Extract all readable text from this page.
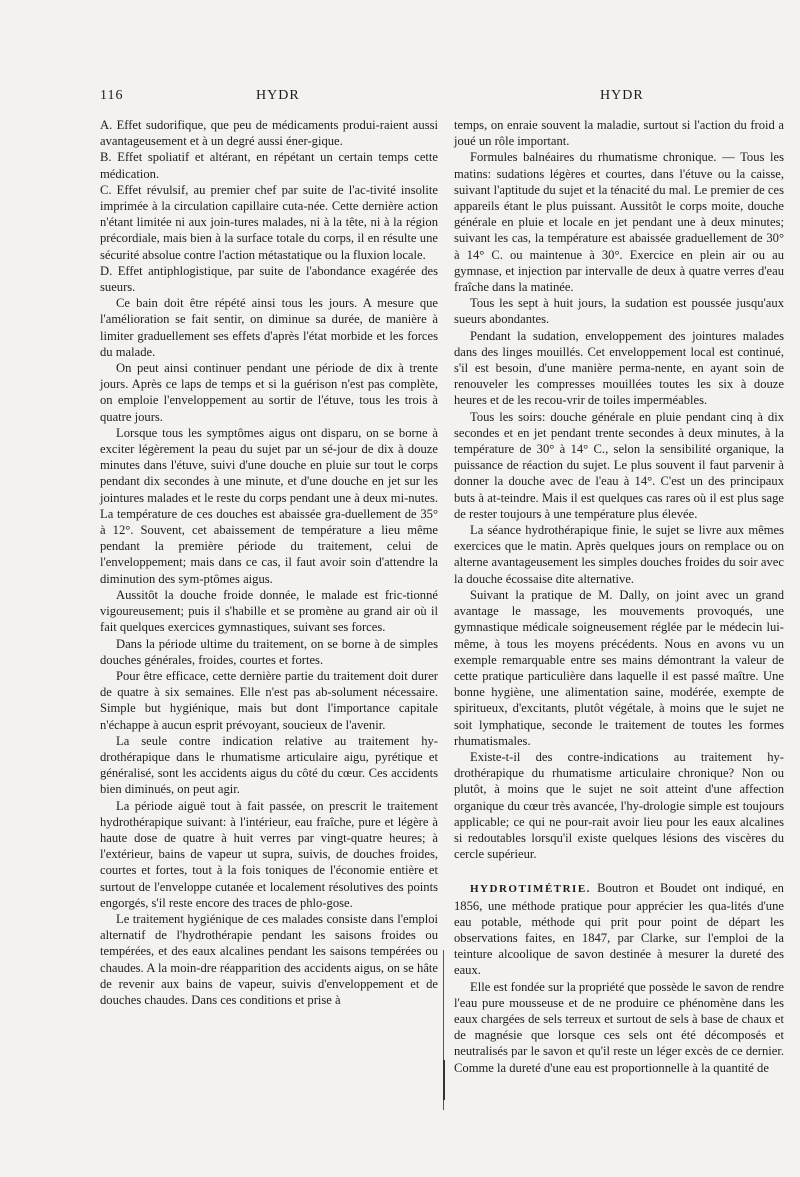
116	HYDR	HYDR

A. Effet sudorifique, que peu de médicaments produi-raient aussi avantageusement et à un degré aussi éner-gique.

B. Effet spoliatif et altérant, en répétant un certain temps cette médication.

C. Effet révulsif, au premier chef par suite de l'ac-tivité insolite imprimée à la circulation capillaire cuta-née. Cette dernière action n'étant limitée ni aux join-tures malades, ni à la tête, ni à la région précordiale, mais bien à la surface totale du corps, il en résulte une sécurité absolue contre l'action métastatique ou la fluxion locale.

D. Effet antiphlogistique, par suite de l'abondance exagérée des sueurs.

Ce bain doit être répété ainsi tous les jours. A mesure que l'amélioration se fait sentir, on diminue sa durée, de manière à limiter graduellement ses effets d'après l'état morbide et les forces du malade.

On peut ainsi continuer pendant une période de dix à trente jours. Après ce laps de temps et si la guérison n'est pas complète, on emploie l'enveloppement au sortir de l'étuve, tous les trois à quatre jours.

Lorsque tous les symptômes aigus ont disparu, on se borne à exciter légèrement la peau du sujet par un sé-jour de dix à douze minutes dans l'étuve, suivi d'une douche en pluie sur tout le corps pendant dix secondes à une minute, et d'une douche en jet sur les jointures malades et le reste du corps pendant une à deux mi-nutes. La température de ces douches est abaissée gra-duellement de 35° à 12°. Souvent, cet abaissement de température a lieu même pendant la première période du traitement, celui de l'enveloppement; mais dans ce cas, il faut avoir soin d'attendre la diminution des sym-ptômes aigus.

Aussitôt la douche froide donnée, le malade est fric-tionné vigoureusement; puis il s'habille et se promène au grand air où il fait quelques exercices gymnastiques, suivant ses forces.

Dans la période ultime du traitement, on se borne à de simples douches générales, froides, courtes et fortes.

Pour être efficace, cette dernière partie du traitement doit durer de quatre à six semaines. Elle n'est pas ab-solument nécessaire. Simple but hygiénique, mais but dont l'importance capitale n'échappe à aucun esprit prévoyant, soucieux de l'avenir.

La seule contre indication relative au traitement hy-drothérapique dans le rhumatisme articulaire aigu, pyrétique et généralisé, sont les accidents aigus du côté du cœur. Ces accidents bien diminués, on peut agir.

La période aiguë tout à fait passée, on prescrit le traitement hydrothérapique suivant: à l'intérieur, eau fraîche, pure et légère à haute dose de quatre à huit verres par vingt-quatre heures; à l'extérieur, bains de vapeur ut supra, suivis, de douches froides, courtes et fortes, tout à la fois toniques de l'économie entière et surtout de l'enveloppe cutanée et localement résolutives des points engorgés, s'il reste encore des traces de phlo-gose.

Le traitement hygiénique de ces malades consiste dans l'emploi alternatif de l'hydrothérapie pendant les saisons froides ou tempérées, et des eaux alcalines pendant les saisons tempérées ou chaudes. A la moin-dre réapparition des accidents aigus, on se hâte de revenir aux bains de vapeur, suivis d'enveloppement et de douches chaudes. Dans ces conditions et prise à

temps, on enraie souvent la maladie, surtout si l'action du froid a joué un rôle important.

Formules balnéaires du rhumatisme chronique. — Tous les matins: sudations légères et courtes, dans l'étuve ou la caisse, suivant l'aptitude du sujet et la ténacité du mal. Le premier de ces appareils étant le plus puissant. Aussitôt le corps moite, douche générale en pluie et locale en jet pendant une à deux minutes; suivant les cas, la température est abaissée graduellement de 30° à 14° C. ou maintenue à 30°. Exercice en plein air ou au gymnase, et injection par intervalle de deux à quatre verres d'eau fraîche dans la matinée.

Tous les sept à huit jours, la sudation est poussée jusqu'aux sueurs abondantes.

Pendant la sudation, enveloppement des jointures malades dans des linges mouillés. Cet enveloppement local est continué, s'il est besoin, d'une manière perma-nente, en ayant soin de renouveler les compresses mouillées toutes les six à douze heures et de les recou-vrir de toiles imperméables.

Tous les soirs: douche générale en pluie pendant cinq à dix secondes et en jet pendant trente secondes à deux minutes, à la température de 30° à 14° C., selon la sensibilité organique, la puissance de réaction du sujet. Le plus souvent il faut parvenir à donner la douche avec de l'eau à 14°. C'est un des principaux buts à at-teindre. Mais il est quelques cas rares où il est plus sage de rester toujours à une température plus élevée.

La séance hydrothérapique finie, le sujet se livre aux mêmes exercices que le matin. Après quelques jours on remplace ou on alterne avantageusement les simples douches froides du soir avec la douche écossaise dite alternative.

Suivant la pratique de M. Dally, on joint avec un grand avantage le massage, les mouvements provoqués, une gymnastique médicale soigneusement réglée par le médecin lui-même, à tous les moyens précédents. Nous en avons vu un exemple remarquable entre ses mains démontrant la valeur de cette pratique particulière dans laquelle il est passé maître. Une bonne hygiène, une alimentation saine, modérée, exempte de spiritueux, d'excitants, plutôt végétale, à moins que le sujet ne soit lymphatique, seconde le traitement de toutes les formes rhumatismales.

Existe-t-il des contre-indications au traitement hy-drothérapique du rhumatisme articulaire chronique? Non ou plutôt, à moins que le sujet ne soit atteint d'une affection organique du cœur très avancée, l'hy-drologie simple est toujours applicable; ce qui ne pour-rait avoir lieu pour les eaux alcalines si redoutables lorsqu'il existe quelques lésions des viscères du cercle supérieur.

HYDROTIMÉTRIE. Boutron et Boudet ont indiqué, en 1856, une méthode pratique pour apprécier les qua-lités d'une eau potable, méthode qui prit pour point de départ les observations faites, en 1847, par Clarke, sur l'emploi de la teinture alcoolique de savon destinée à mesurer la dureté des eaux.

Elle est fondée sur la propriété que possède le savon de rendre l'eau pure mousseuse et de ne produire ce phénomène dans les eaux chargées de sels terreux et surtout de sels à base de chaux et de magnésie que lorsque ces sels ont été décomposés et neutralisés par le savon et qu'il reste un léger excès de ce dernier. Comme la dureté d'une eau est proportionnelle à la quantité de
